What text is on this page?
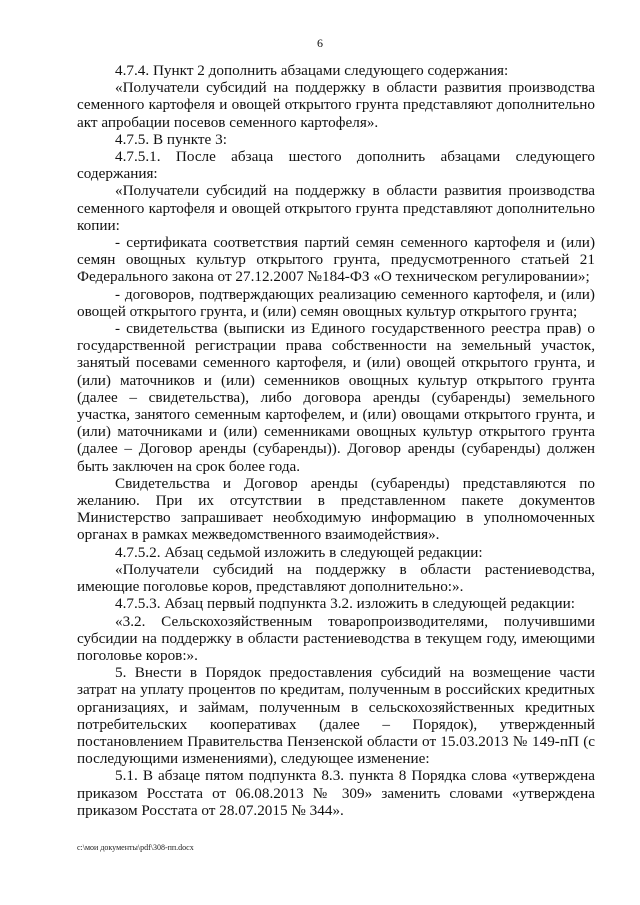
6

4.7.4. Пункт 2 дополнить абзацами следующего содержания:

«Получатели субсидий на поддержку в области развития производства семенного картофеля и овощей открытого грунта представляют дополнительно акт апробации посевов семенного картофеля».

4.7.5. В пункте 3:

4.7.5.1. После абзаца шестого дополнить абзацами следующего содержания:

«Получатели субсидий на поддержку в области развития производства семенного картофеля и овощей открытого грунта представляют дополнительно копии:

- сертификата соответствия партий семян семенного картофеля и (или) семян овощных культур открытого грунта, предусмотренного статьей 21 Федерального закона от 27.12.2007 №184-ФЗ «О техническом регулировании»;

- договоров, подтверждающих реализацию семенного картофеля, и (или) овощей открытого грунта, и (или) семян овощных культур открытого грунта;

- свидетельства (выписки из Единого государственного реестра прав) о государственной регистрации права собственности на земельный участок, занятый посевами семенного картофеля, и (или) овощей открытого грунта, и (или) маточников и (или) семенников овощных культур открытого грунта (далее – свидетельства), либо договора аренды (субаренды) земельного участка, занятого семенным картофелем, и (или) овощами открытого грунта, и (или) маточниками и (или) семенниками овощных культур открытого грунта (далее – Договор аренды (субаренды)). Договор аренды (субаренды) должен быть заключен на срок более года.

Свидетельства и Договор аренды (субаренды) представляются по желанию. При их отсутствии в представленном пакете документов Министерство запрашивает необходимую информацию в уполномоченных органах в рамках межведомственного взаимодействия».

4.7.5.2. Абзац седьмой изложить в следующей редакции:

«Получатели субсидий на поддержку в области растениеводства, имеющие поголовье коров, представляют дополнительно:».

4.7.5.3. Абзац первый подпункта 3.2. изложить в следующей редакции:

«3.2. Сельскохозяйственным товаропроизводителями, получившими субсидии на поддержку в области растениеводства в текущем году, имеющими поголовье коров:».

5. Внести в Порядок предоставления субсидий на возмещение части затрат на уплату процентов по кредитам, полученным в российских кредитных организациях, и займам, полученным в сельскохозяйственных кредитных потребительских кооперативах (далее – Порядок), утвержденный постановлением Правительства Пензенской области от 15.03.2013 № 149-пП (с последующими изменениями), следующее изменение:

5.1. В абзаце пятом подпункта 8.3. пункта 8 Порядка слова «утверждена приказом Росстата от 06.08.2013 № 309» заменить словами «утверждена приказом Росстата от 28.07.2015 № 344».

c:\мои документы\pdf\308-пп.docx
